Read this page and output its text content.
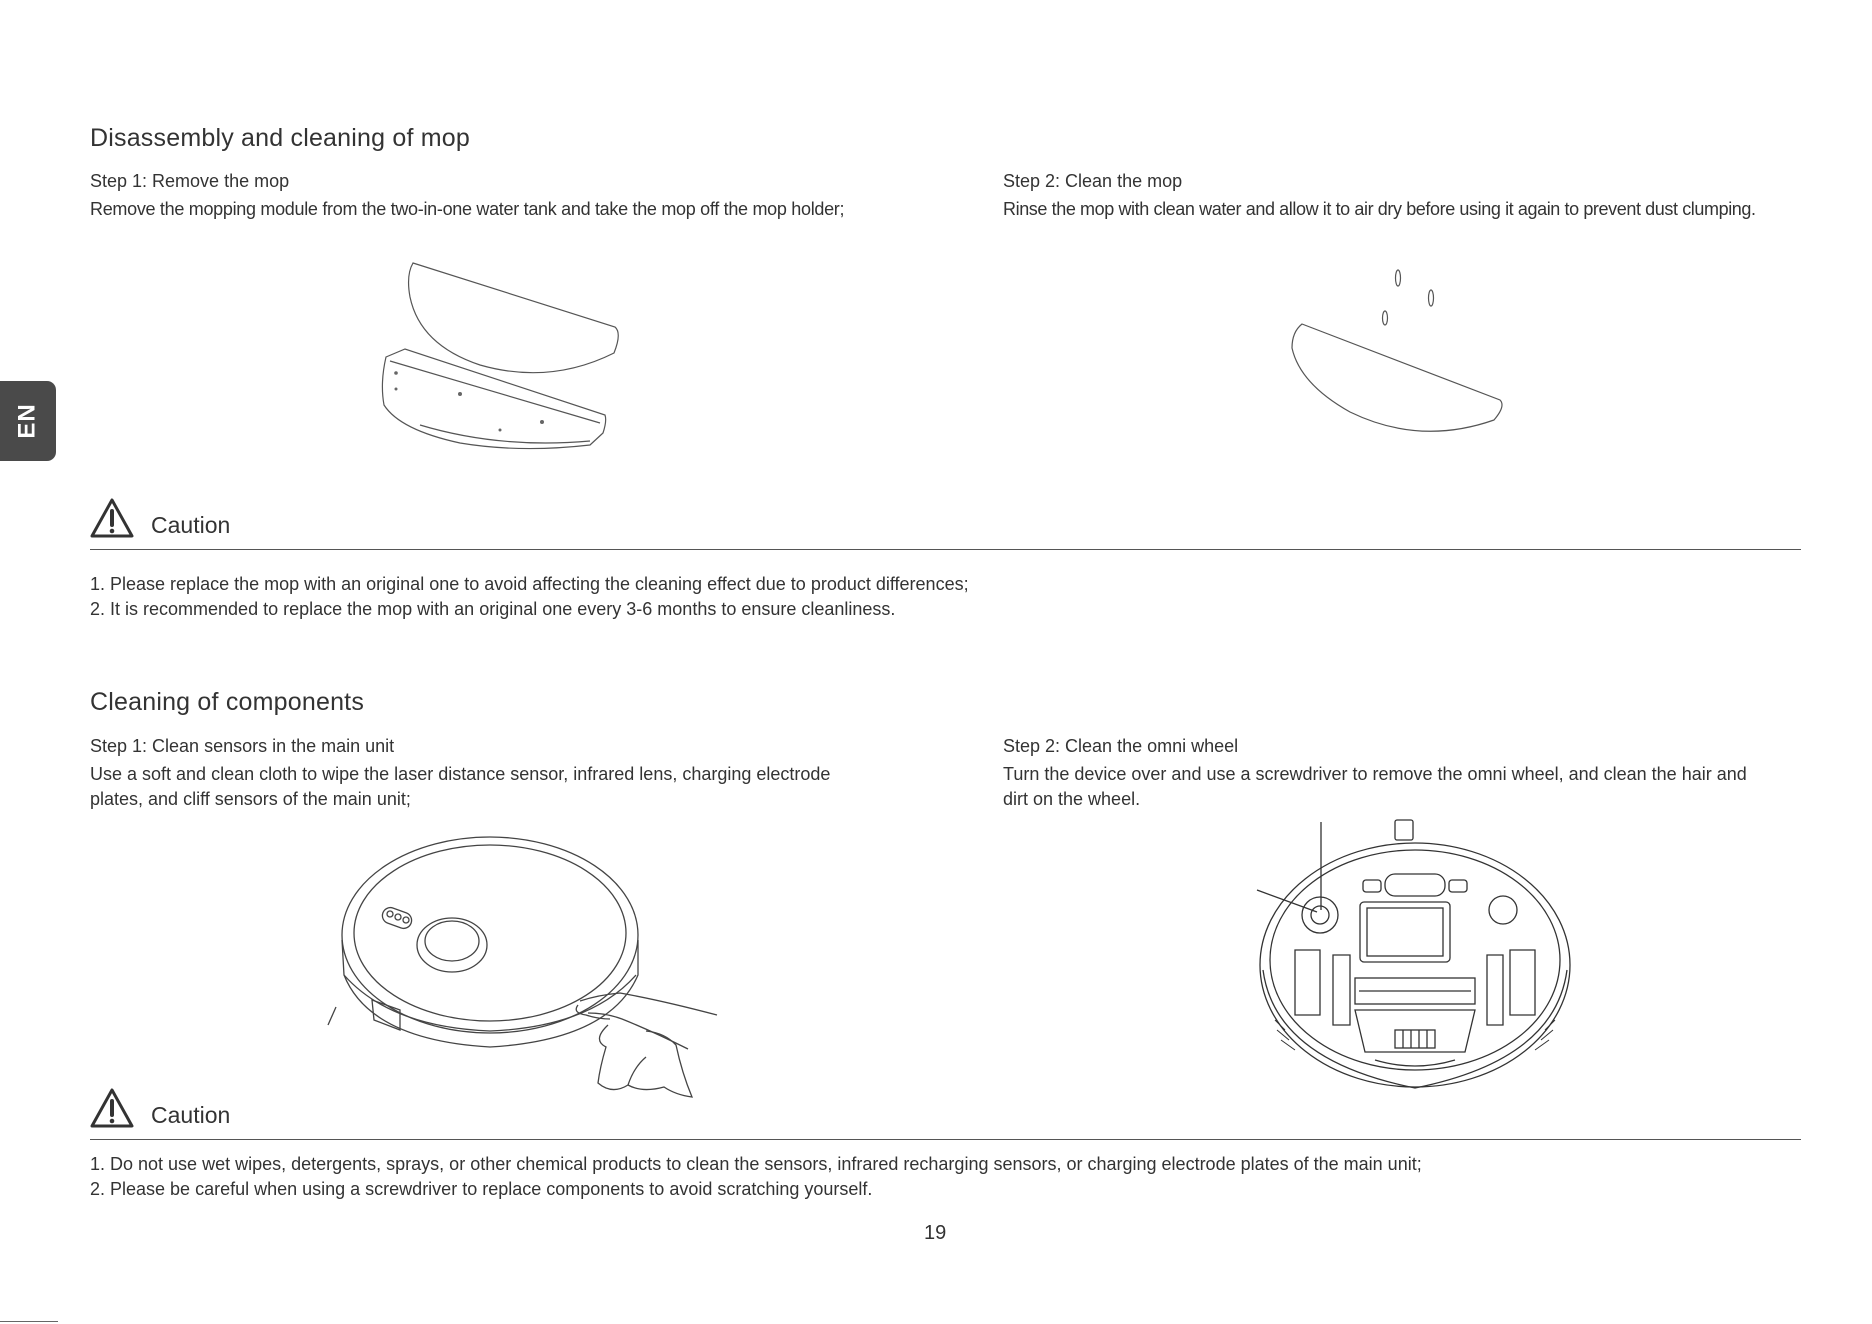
EN
Disassembly and cleaning of mop
Step 1: Remove the mop
Remove the mopping module from the two-in-one water tank and take the mop off the mop holder;
Step 2: Clean the mop
Rinse the mop with clean water and allow it to air dry before using it again to prevent dust clumping.
Caution
1. Please replace the mop with an original one to avoid affecting the cleaning effect due to product differences;
2. It is recommended to replace the mop with an original one every 3-6 months to ensure cleanliness.
Cleaning of components
Step 1: Clean sensors in the main unit
Use a soft and clean cloth to wipe the laser distance sensor, infrared lens, charging electrode
plates, and cliff sensors of the main unit;
Step 2: Clean the omni wheel
Turn the device over and use a screwdriver to remove the omni wheel, and clean the hair and
dirt on the wheel.
Caution
1. Do not use wet wipes, detergents, sprays, or other chemical products to clean the sensors, infrared recharging sensors, or charging electrode plates of the main unit;
2. Please be careful when using a screwdriver to replace components to avoid scratching yourself.
19
